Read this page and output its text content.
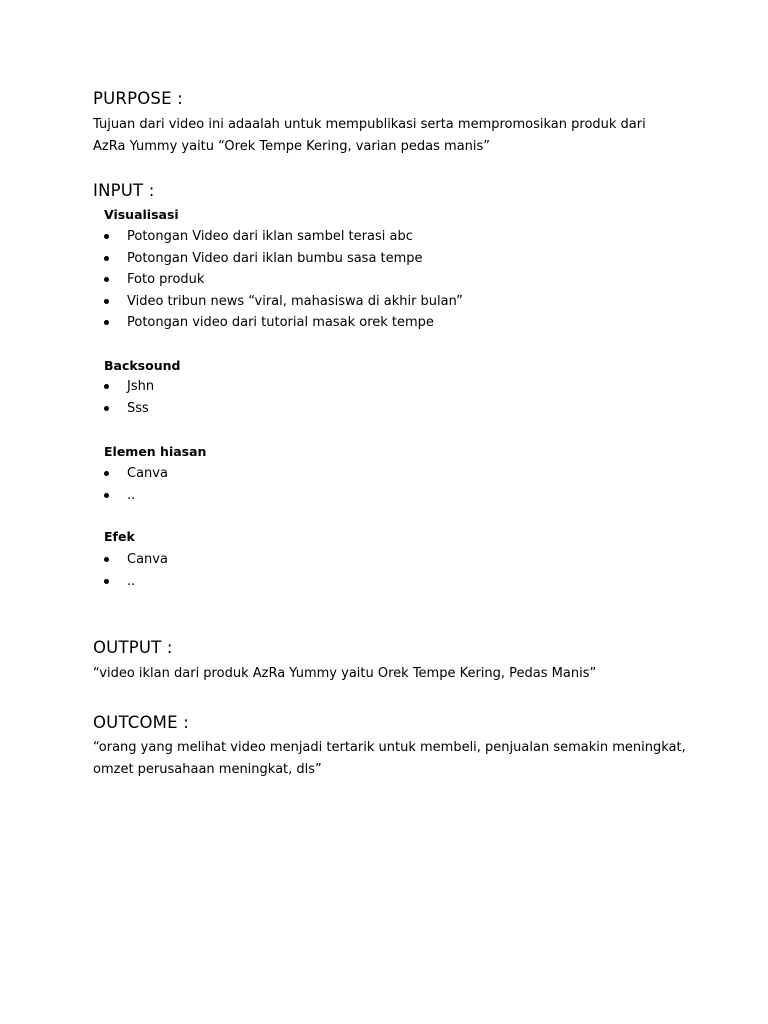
PURPOSE :

Tujuan dari video ini adaalah untuk mempublikasi serta mempromosikan produk dari
AzRa Yummy yaitu “Orek Tempe Kering, varian pedas manis”

INPUT :
Visualisasi
Potongan Video dari iklan sambel terasi abc
Potongan Video dari iklan bumbu sasa tempe
Foto produk
Video tribun news “viral, mahasiswa di akhir bulan”
Potongan video dari tutorial masak orek tempe
Backsound
Jshn
Sss
Elemen hiasan
Canva
..
Efek
Canva
..
OUTPUT :

“video iklan dari produk AzRa Yummy yaitu Orek Tempe Kering, Pedas Manis”

OUTCOME :

“orang yang melihat video menjadi tertarik untuk membeli, penjualan semakin meningkat,
omzet perusahaan meningkat, dls”
